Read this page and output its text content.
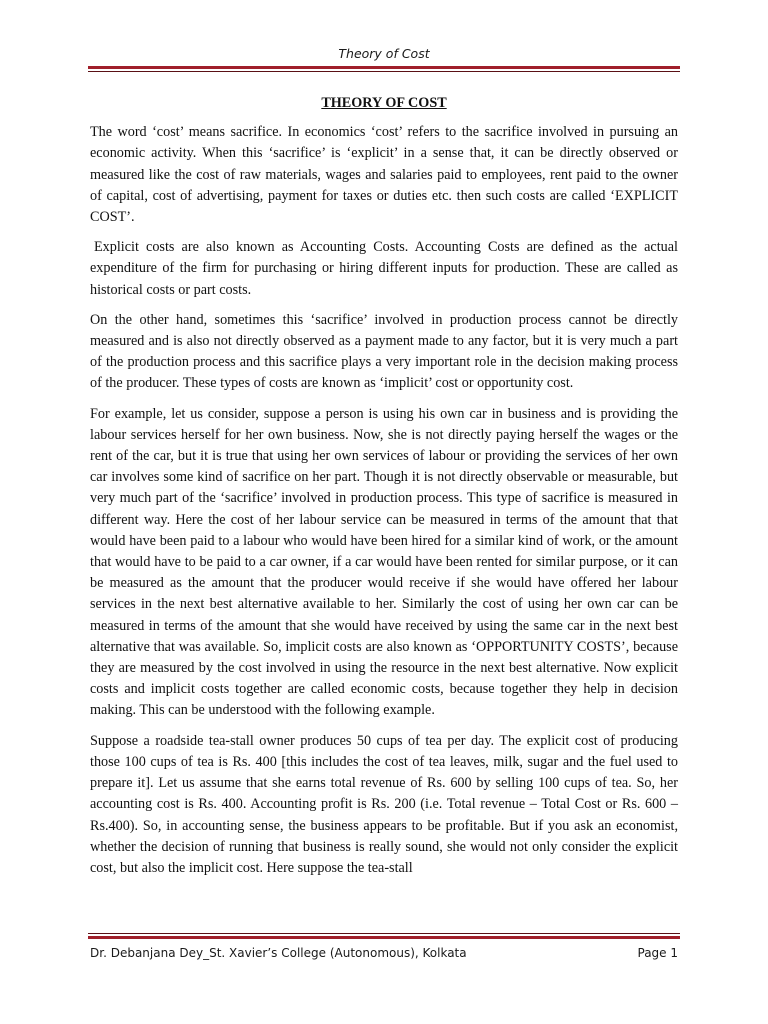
Theory of Cost
THEORY OF COST

The word ‘cost’ means sacrifice. In economics ‘cost’ refers to the sacrifice involved in pursuing an economic activity. When this ‘sacrifice’ is ‘explicit’ in a sense that, it can be directly observed or measured like the cost of raw materials, wages and salaries paid to employees, rent paid to the owner of capital, cost of advertising, payment for taxes or duties etc. then such costs are called ‘EXPLICIT COST’.

Explicit costs are also known as Accounting Costs. Accounting Costs are defined as the actual expenditure of the firm for purchasing or hiring different inputs for production. These are called as historical costs or part costs.

On the other hand, sometimes this ‘sacrifice’ involved in production process cannot be directly measured and is also not directly observed as a payment made to any factor, but it is very much a part of the production process and this sacrifice plays a very important role in the decision making process of the producer. These types of costs are known as ‘implicit’ cost or opportunity cost.

For example, let us consider, suppose a person is using his own car in business and is providing the labour services herself for her own business. Now, she is not directly paying herself the wages or the rent of the car, but it is true that using her own services of labour or providing the services of her own car involves some kind of sacrifice on her part. Though it is not directly observable or measurable, but very much part of the ‘sacrifice’ involved in production process. This type of sacrifice is measured in different way. Here the cost of her labour service can be measured in terms of the amount that that would have been paid to a labour who would have been hired for a similar kind of work, or the amount that would have to be paid to a car owner, if a car would have been rented for similar purpose, or it can be measured as the amount that the producer would receive if she would have offered her labour services in the next best alternative available to her. Similarly the cost of using her own car can be measured in terms of the amount that she would have received by using the same car in the next best alternative that was available. So, implicit costs are also known as ‘OPPORTUNITY COSTS’, because they are measured by the cost involved in using the resource in the next best alternative. Now explicit costs and implicit costs together are called economic costs, because together they help in decision making. This can be understood with the following example.

Suppose a roadside tea-stall owner produces 50 cups of tea per day. The explicit cost of producing those 100 cups of tea is Rs. 400 [this includes the cost of tea leaves, milk, sugar and the fuel used to prepare it]. Let us assume that she earns total revenue of Rs. 600 by selling 100 cups of tea. So, her accounting cost is Rs. 400. Accounting profit is Rs. 200 (i.e. Total revenue – Total Cost or Rs. 600 – Rs.400). So, in accounting sense, the business appears to be profitable. But if you ask an economist, whether the decision of running that business is really sound, she would not only consider the explicit cost, but also the implicit cost. Here suppose the tea-stall

Dr. Debanjana Dey_St. Xavier’s College (Autonomous), Kolkata	Page 1
